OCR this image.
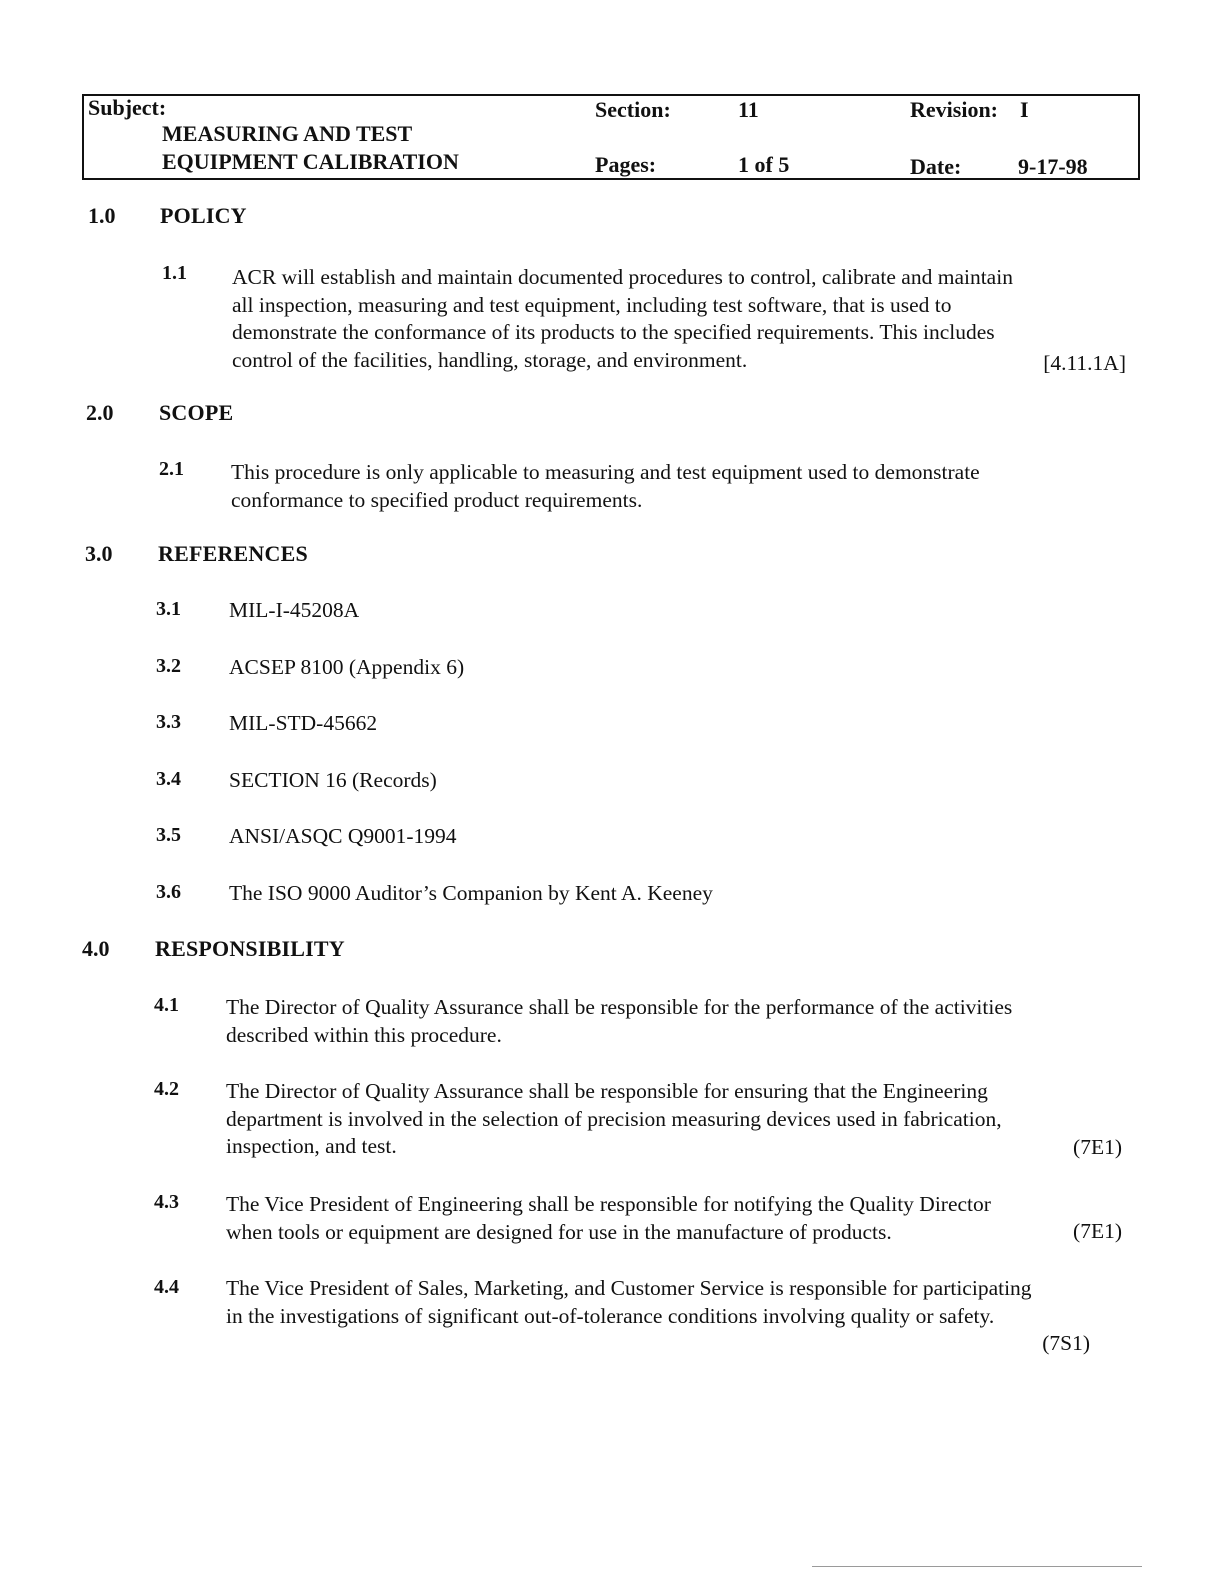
Subject:
MEASURING AND TEST
EQUIPMENT CALIBRATION
Section:	11	Revision: I
Pages:	1 of 5	Date:	9-17-98
1.0 POLICY
1.1 ACR will establish and maintain documented procedures to control, calibrate and maintain

all inspection, measuring and test equipment, including test software, that is used to

demonstrate the conformance of its products to the specified requirements. This includes

control of the facilities, handling, storage, and environment.	[4.11.1A]
2.0 SCOPE
2.1 This procedure is only applicable to measuring and test equipment used to demonstrate

conformance to specified product requirements.

3.0 REFERENCES
3.1 MIL-I-45208A
3.2 ACSEP 8100 (Appendix 6)
3.3 MIL-STD-45662
3.4 SECTION 16 (Records)
3.5 ANSI/ASQC Q9001-1994
3.6 The ISO 9000 Auditor’s Companion by Kent A. Keeney
4.0 RESPONSIBILITY
4.1 The Director of Quality Assurance shall be responsible for the performance of the activities

described within this procedure.

4.2 The Director of Quality Assurance shall be responsible for ensuring that the Engineering

department is involved in the selection of precision measuring devices used in fabrication,

inspection, and test.	(7E1)
4.3 The Vice President of Engineering shall be responsible for notifying the Quality Director

when tools or equipment are designed for use in the manufacture of products.	(7E1)
4.4 The Vice President of Sales, Marketing, and Customer Service is responsible for participating

in the investigations of significant out-of-tolerance conditions involving quality or safety.

(7S1)
